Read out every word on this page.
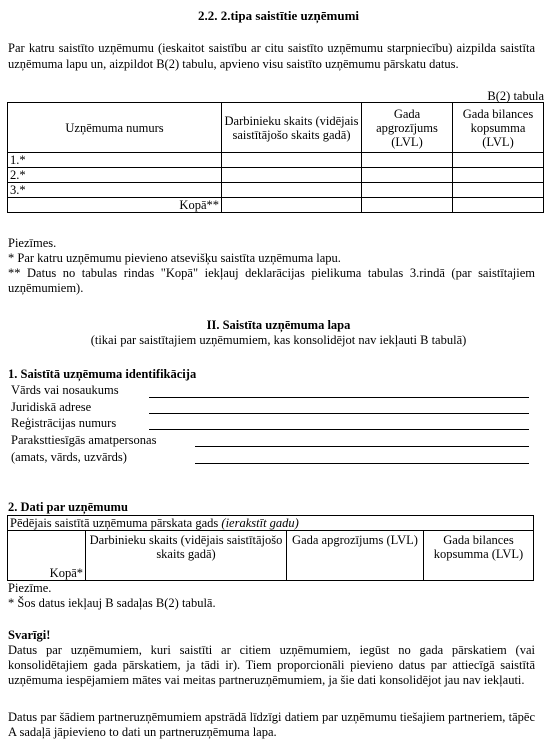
2.2. 2.tipa saistītie uzņēmumi
Par katru saistīto uzņēmumu (ieskaitot saistību ar citu saistīto uzņēmumu starpniecību) aizpilda saistīta uzņēmuma lapu un, aizpildot B(2) tabulu, apvieno visu saistīto uzņēmumu pārskatu datus.
B(2) tabula
Uzņēmuma numurs	Darbinieku skaits (vidējais saistītājošo skaits gadā)	Gada apgrozījums (LVL)	Gada bilances kopsumma (LVL)
1.*			
2.*			
3.*			
Kopā**			
Piezīmes.
* Par katru uzņēmumu pievieno atsevišķu saistīta uzņēmuma lapu.
** Datus no tabulas rindas "Kopā" iekļauj deklarācijas pielikuma tabulas 3.rindā (par saistītajiem uzņēmumiem).
II. Saistīta uzņēmuma lapa
(tikai par saistītajiem uzņēmumiem, kas konsolidējot nav iekļauti B tabulā)
1. Saistītā uzņēmuma identifikācija
Vārds vai nosaukums
Juridiskā adrese
Reģistrācijas numurs
Paraksttiesīgās amatpersonas
(amats, vārds, uzvārds)
2. Dati par uzņēmumu
Pēdējais saistītā uzņēmuma pārskata gads (ierakstīt gadu)
Kopā*	Darbinieku skaits (vidējais saistītājošo skaits gadā)	Gada apgrozījums (LVL)	Gada bilances kopsumma (LVL)
Piezīme.
* Šos datus iekļauj B sadaļas B(2) tabulā.
Svarīgi!
Datus par uzņēmumiem, kuri saistīti ar citiem uzņēmumiem, iegūst no gada pārskatiem (vai konsolidētajiem gada pārskatiem, ja tādi ir). Tiem proporcionāli pievieno datus par attiecīgā saistītā uzņēmuma iespējamiem mātes vai meitas partneruzņēmumiem, ja šie dati konsolidējot jau nav iekļauti.
Datus par šādiem partneruzņēmumiem apstrādā līdzīgi datiem par uzņēmumu tiešajiem partneriem, tāpēc A sadaļā jāpievieno to dati un partneruzņēmuma lapa.
